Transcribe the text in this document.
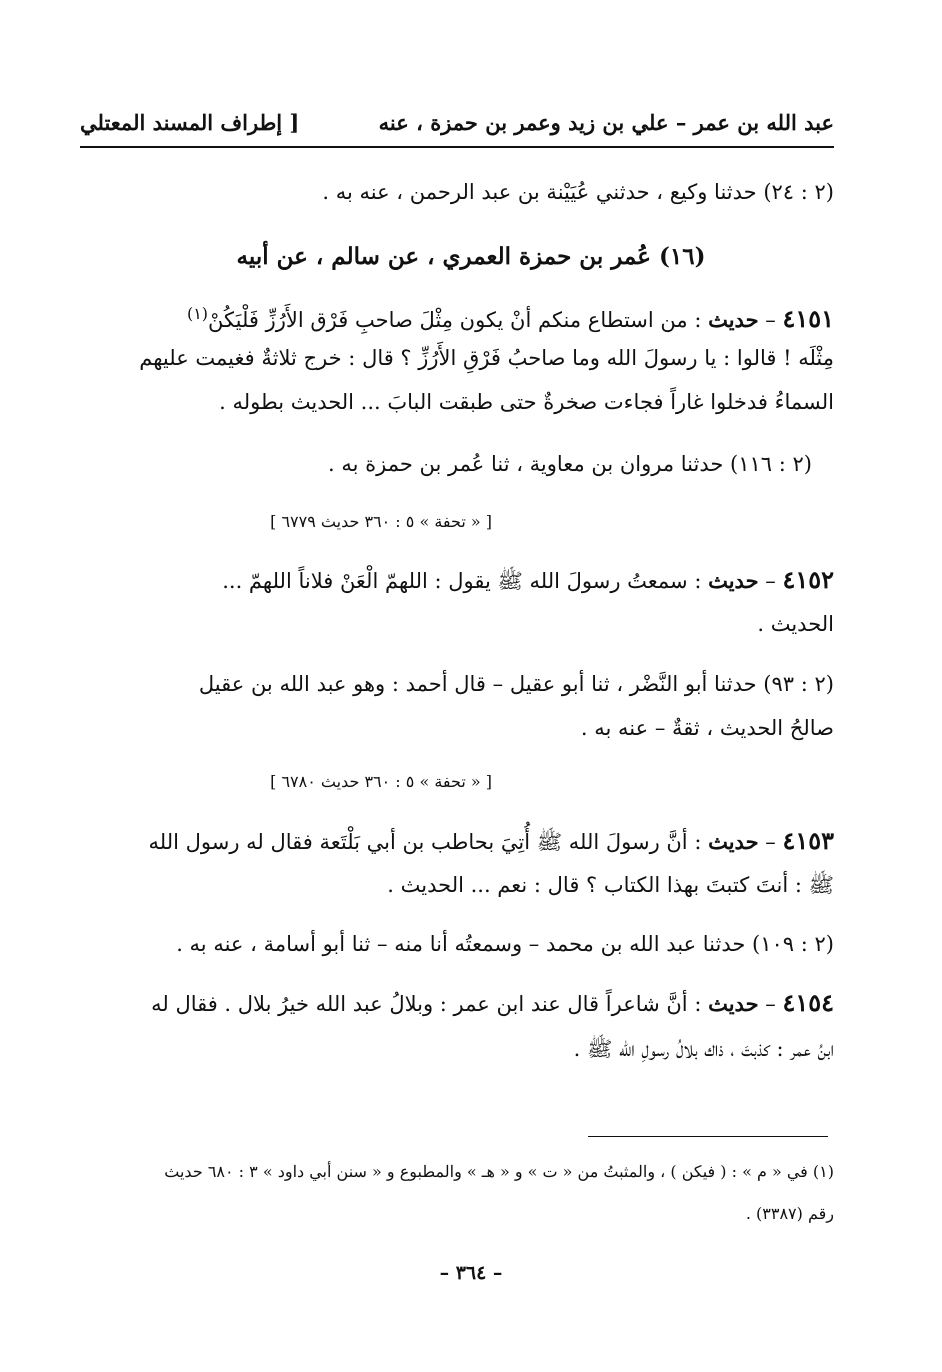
عبد الله بن عمر – علي بن زيد وعمر بن حمزة ، عنه
[ إطراف المسند المعتلي
(٢ : ٢٤) حدثنا وكيع ، حدثني عُيَيْنة بن عبد الرحمن ، عنه به .
(١٦) عُمر بن حمزة العمري ، عن سالم ، عن أبيه
٤١٥١ – حديث : من استطاع منكم أنْ يكون مِثْلَ صاحبِ فَرْق الأَرُزِّ فَلْيَكُنْ$^{(١)}$
مِثْلَه ! قالوا : يا رسولَ الله وما صاحبُ فَرْقِ الأَرُزِّ ؟ قال : خرج ثلاثةٌ فغيمت عليهم
السماءُ فدخلوا غاراً فجاءت صخرةٌ حتى طبقت البابَ ... الحديث بطوله .
(٢ : ١١٦) حدثنا مروان بن معاوية ، ثنا عُمر بن حمزة به .
[ « تحفة » ٥ : ٣٦٠ حديث ٦٧٧٩ ]
٤١٥٢ – حديث : سمعتُ رسولَ الله ﷺ يقول : اللهمّ الْعَنْ فلاناً اللهمّ ...
الحديث .
(٢ : ٩٣) حدثنا أبو النَّضْر ، ثنا أبو عقيل – قال أحمد : وهو عبد الله بن عقيل
صالحُ الحديث ، ثقةٌ – عنه به .
[ « تحفة » ٥ : ٣٦٠ حديث ٦٧٨٠ ]
٤١٥٣ – حديث : أنَّ رسولَ الله ﷺ أُتِيَ بحاطب بن أبي بَلْتَعة فقال له رسول الله
ﷺ : أنتَ كتبتَ بهذا الكتاب ؟ قال : نعم ... الحديث .
(٢ : ١٠٩) حدثنا عبد الله بن محمد – وسمعتُه أنا منه – ثنا أبو أسامة ، عنه به .
٤١٥٤ – حديث : أنَّ شاعراً قال عند ابن عمر : وبلالُ عبد الله خيرُ بلال . فقال له
ابنُ عمر : كذبتَ ، ذاك بلالُ رسولِ الله ﷺ .
(١) في « م » : ( فيكن ) ، والمثبتُ من « ت » و « هـ » والمطبوع و « سنن أبي داود » ٣ : ٦٨٠ حديث
رقم (٣٣٨٧) .
– ٣٦٤ –
